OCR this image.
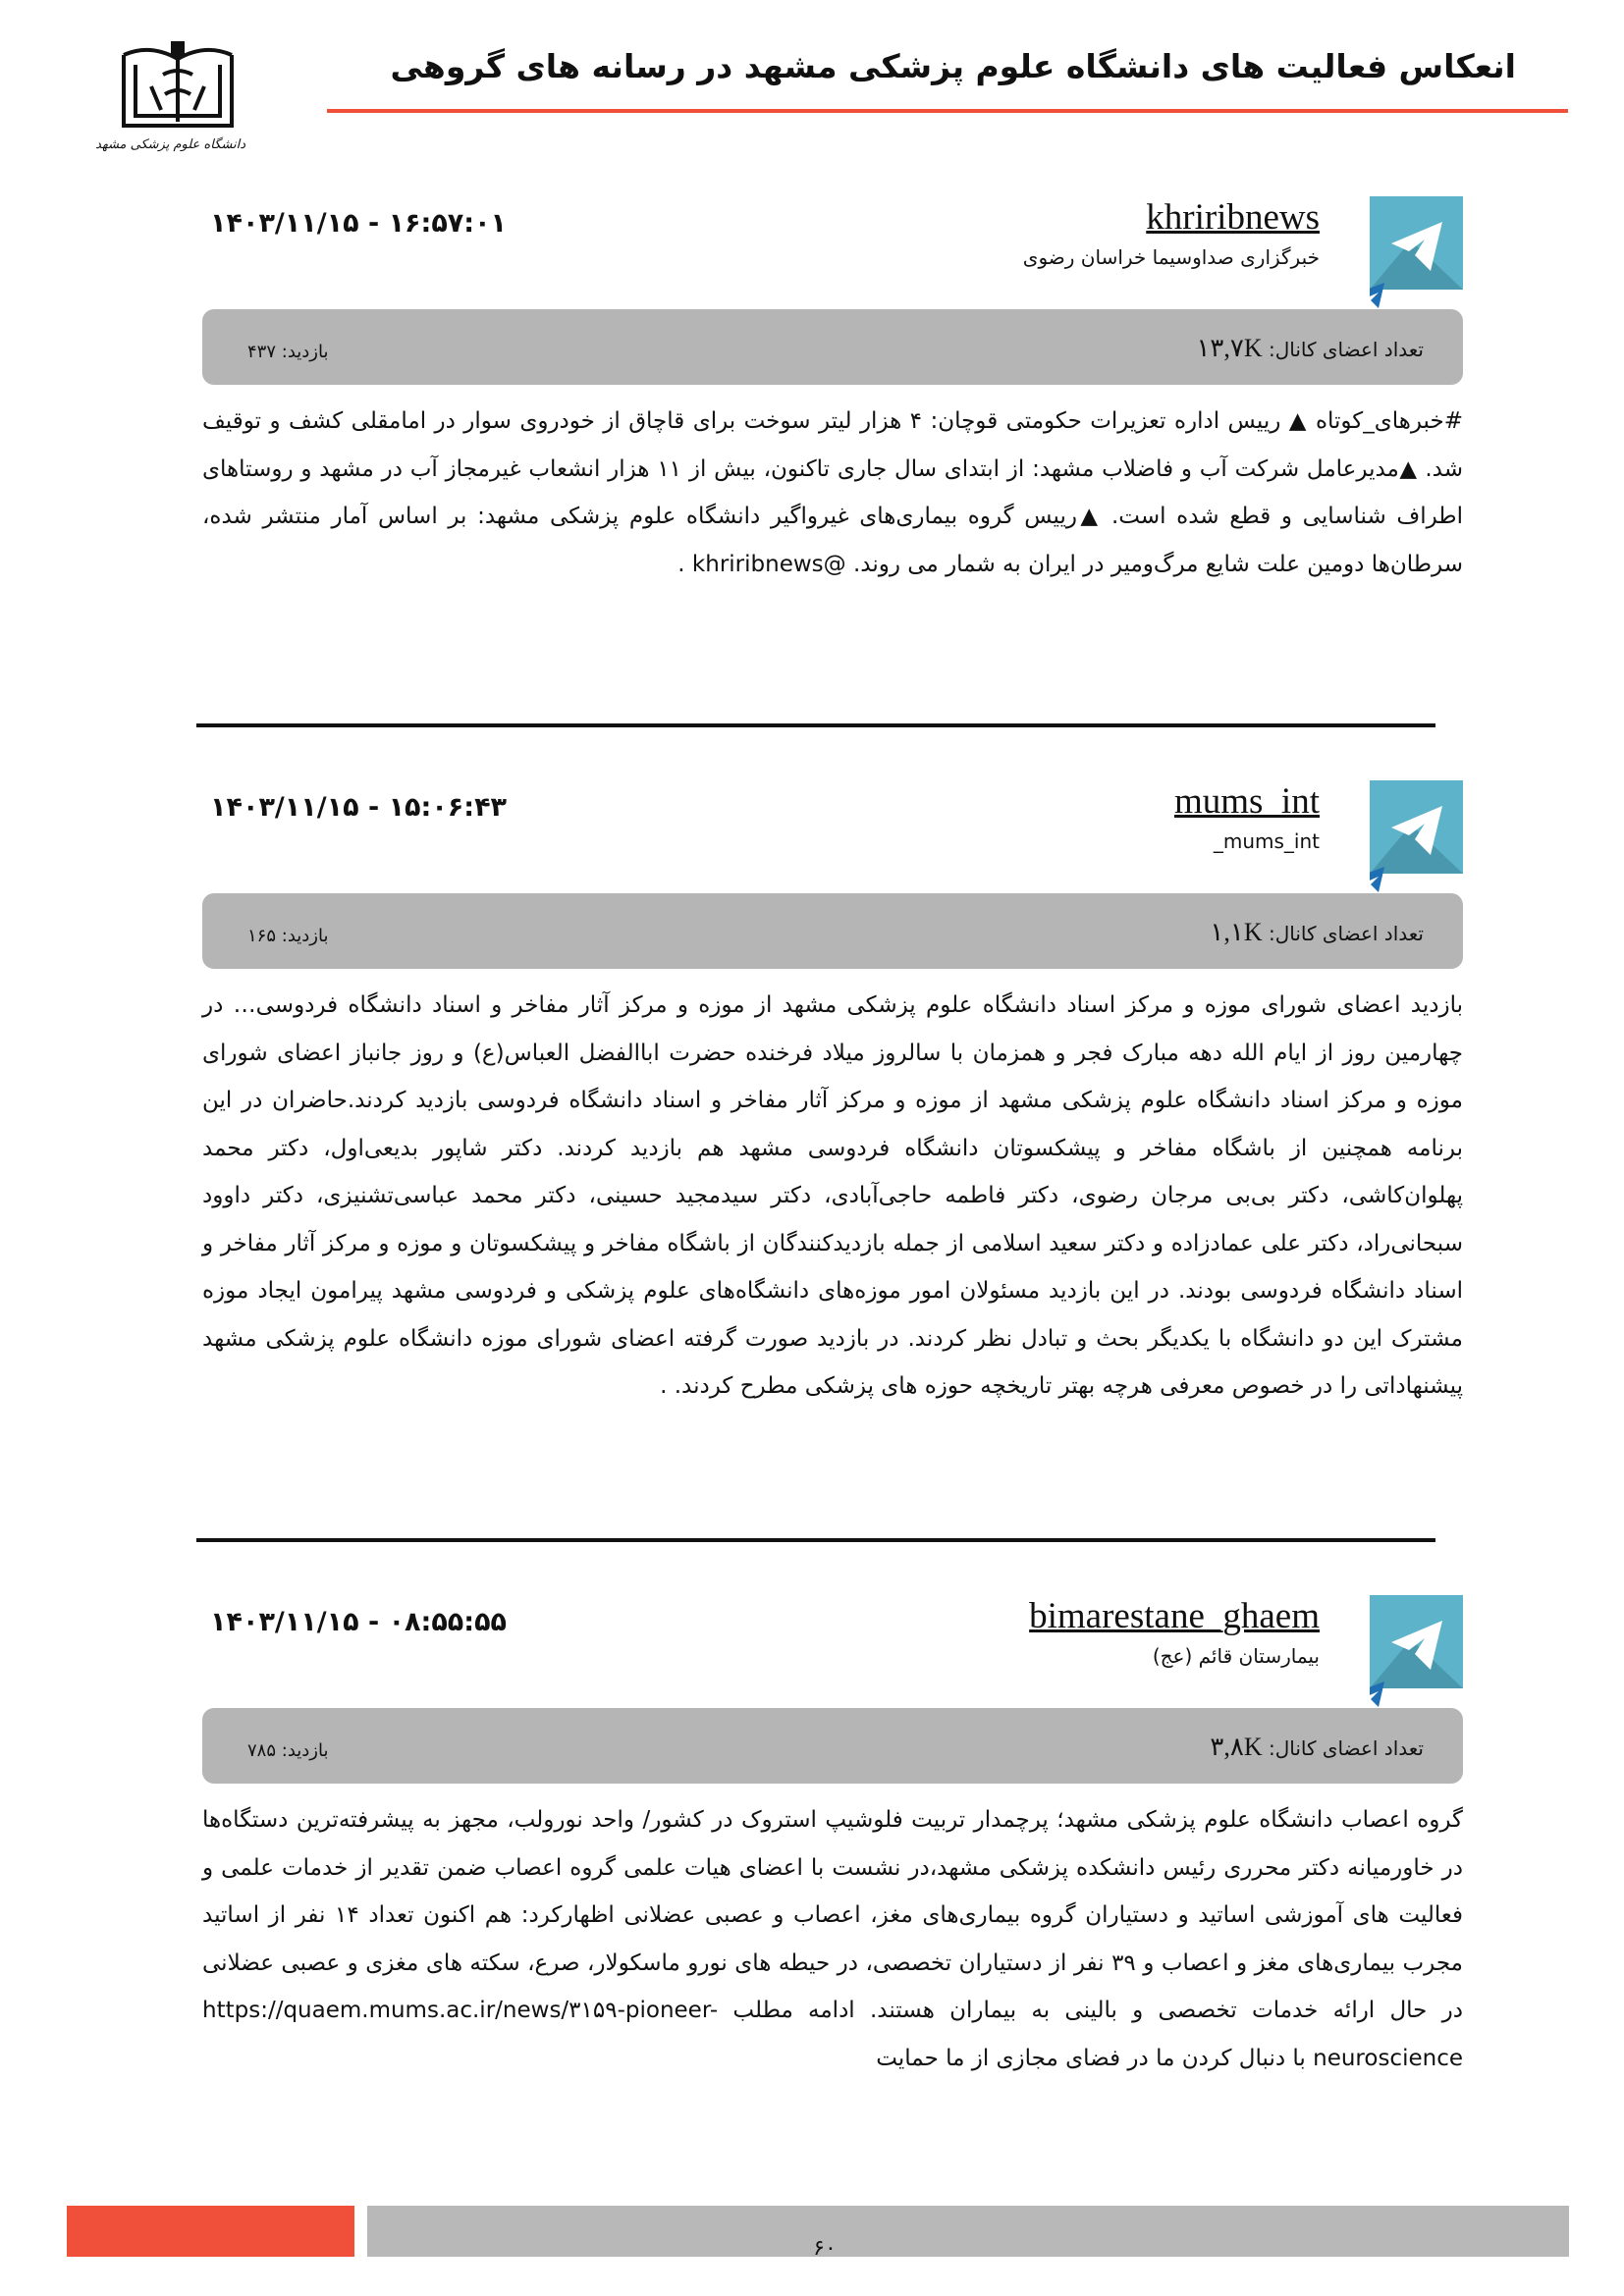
دانشگاه علوم پزشکی مشهد
انعکاس فعالیت های دانشگاه علوم پزشکی مشهد در رسانه های گروهی
khriribnews
خبرگزاری صداوسیما خراسان رضوی
۱۴۰۳/۱۱/۱۵ - ۱۶:۵۷:۰۱
تعداد اعضای کانال: ۱۳,۷K
بازدید: ۴۳۷
#خبرهای_کوتاه ▲ رییس اداره تعزیرات حکومتی قوچان: ۴ هزار لیتر سوخت برای قاچاق از خودروی سوار در امامقلی کشف و توقیف شد. ▲مدیرعامل شرکت آب و فاضلاب مشهد: از ابتدای سال جاری تاکنون، بیش از ۱۱ هزار انشعاب غیرمجاز آب در مشهد و روستاهای اطراف شناسایی و قطع شده است. ▲رییس گروه بیماری‌های غیرواگیر دانشگاه علوم پزشکی مشهد: بر اساس آمار منتشر شده، سرطان‌ها دومین علت شایع مرگ‌ومیر در ایران به شمار می روند. @khriribnews .
mums_int
mums_int_
۱۴۰۳/۱۱/۱۵ - ۱۵:۰۶:۴۳
تعداد اعضای کانال: ۱,۱K
بازدید: ۱۶۵
بازدید اعضای شورای موزه و مرکز اسناد دانشگاه علوم پزشکی مشهد از موزه و مرکز آثار مفاخر و اسناد دانشگاه فردوسی… در چهارمین روز از ایام الله دهه مبارک فجر و همزمان با سالروز میلاد فرخنده حضرت اباالفضل العباس(ع) و روز جانباز اعضای شورای موزه و مرکز اسناد دانشگاه علوم پزشکی مشهد از موزه و مرکز آثار مفاخر و اسناد دانشگاه فردوسی بازدید کردند.حاضران در این برنامه همچنین از باشگاه مفاخر و پیشکسوتان دانشگاه فردوسی مشهد هم بازدید کردند. دکتر شاپور بدیعی‌اول، دکتر محمد پهلوان‌کاشی، دکتر بی‌بی مرجان رضوی، دکتر فاطمه حاجی‌آبادی، دکتر سیدمجید حسینی، دکتر محمد عباسی‌تشنیزی، دکتر داوود سبحانی‌راد، دکتر علی عمادزاده و دکتر سعید اسلامی از جمله بازدیدکنندگان از باشگاه مفاخر و پیشکسوتان و موزه و مرکز آثار مفاخر و اسناد دانشگاه فردوسی بودند. در این بازدید مسئولان امور موزه‌های دانشگاه‌های علوم پزشکی و فردوسی مشهد پیرامون ایجاد موزه مشترک این دو دانشگاه با یکدیگر بحث و تبادل نظر کردند. در بازدید صورت گرفته اعضای شورای موزه دانشگاه علوم پزشکی مشهد پیشنهاداتی را در خصوص معرفی هرچه بهتر تاریخچه حوزه های پزشکی مطرح کردند. .
bimarestane_ghaem
بیمارستان قائم (عج)
۱۴۰۳/۱۱/۱۵ - ۰۸:۵۵:۵۵
تعداد اعضای کانال: ۳,۸K
بازدید: ۷۸۵
گروه اعصاب دانشگاه علوم پزشکی مشهد؛ پرچمدار تربیت فلوشیپ استروک در کشور/ واحد نورولب، مجهز به پیشرفته‌ترین دستگاه‌ها در خاورمیانه دکتر محرری رئیس دانشکده پزشکی مشهد،در نشست با اعضای هیات علمی گروه اعصاب ضمن تقدیر از خدمات علمی و فعالیت های آموزشی اساتید و دستیاران گروه بیماری‌های مغز، اعصاب و عصبی عضلانی اظهارکرد: هم اکنون تعداد ۱۴ نفر از اساتید مجرب بیماری‌های مغز و اعصاب و ۳۹ نفر از دستیاران تخصصی، در حیطه های نورو ماسکولار، صرع، سکته های مغزی و عصبی عضلانی در حال ارائه خدمات تخصصی و بالینی به بیماران هستند. ادامه مطلب https://quaem.mums.ac.ir/news/۳۱۵۹-pioneer-neuroscience با دنبال کردن ما در فضای مجازی از ما حمایت
۶۰
